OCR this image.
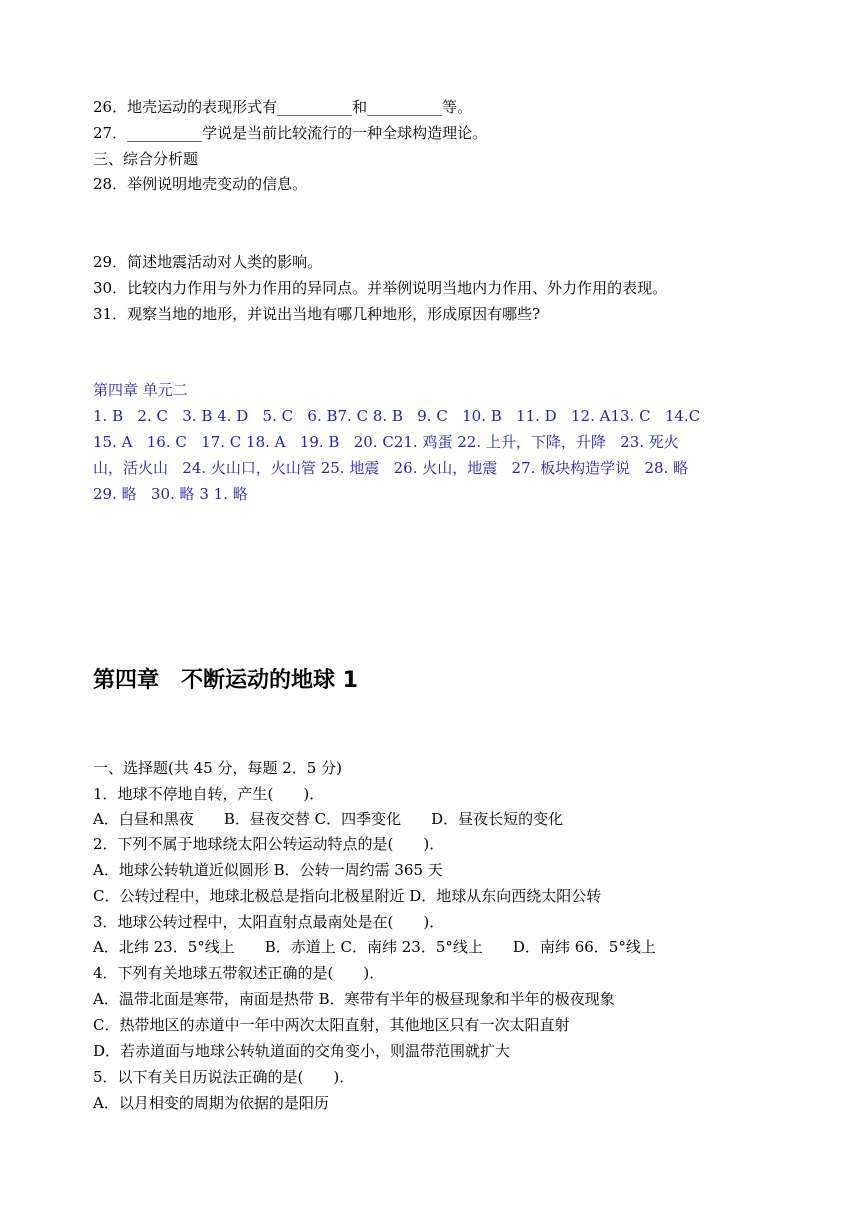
26．地壳运动的表现形式有__________和__________等。
27．__________学说是当前比较流行的一种全球构造理论。
三、综合分析题
28．举例说明地壳变动的信息。
29．简述地震活动对人类的影响。
30．比较内力作用与外力作用的异同点。并举例说明当地内力作用、外力作用的表现。
31．观察当地的地形，并说出当地有哪几种地形，形成原因有哪些?
第四章 单元二
1. B   2. C   3. B 4. D   5. C   6. B7. C 8. B   9. C   10. B   11. D   12. A13. C   14.C
15. A   16. C   17. C 18. A   19. B   20. C21. 鸡蛋 22. 上升，下降，升降   23. 死火
山，活火山   24. 火山口，火山管 25. 地震   26. 火山，地震   27. 板块构造学说   28. 略
29. 略   30. 略 3 1. 略
第四章　不断运动的地球 1
一、选择题(共 45 分，每题 2．5 分)
1．地球不停地自转，产生(　　)．
A．白昼和黑夜　　B．昼夜交替 C．四季变化　　D．昼夜长短的变化
2．下列不属于地球绕太阳公转运动特点的是(　　)．
A．地球公转轨道近似圆形 B．公转一周约需 365 天
C．公转过程中，地球北极总是指向北极星附近 D．地球从东向西绕太阳公转
3．地球公转过程中，太阳直射点最南处是在(　　)．
A．北纬 23．5°线上　　B．赤道上 C．南纬 23．5°线上　　D．南纬 66．5°线上
4．下列有关地球五带叙述正确的是(　　)．
A．温带北面是寒带，南面是热带 B．寒带有半年的极昼现象和半年的极夜现象
C．热带地区的赤道中一年中两次太阳直射，其他地区只有一次太阳直射
D．若赤道面与地球公转轨道面的交角变小，则温带范围就扩大
5．以下有关日历说法正确的是(　　)．
A．以月相变的周期为依据的是阳历
